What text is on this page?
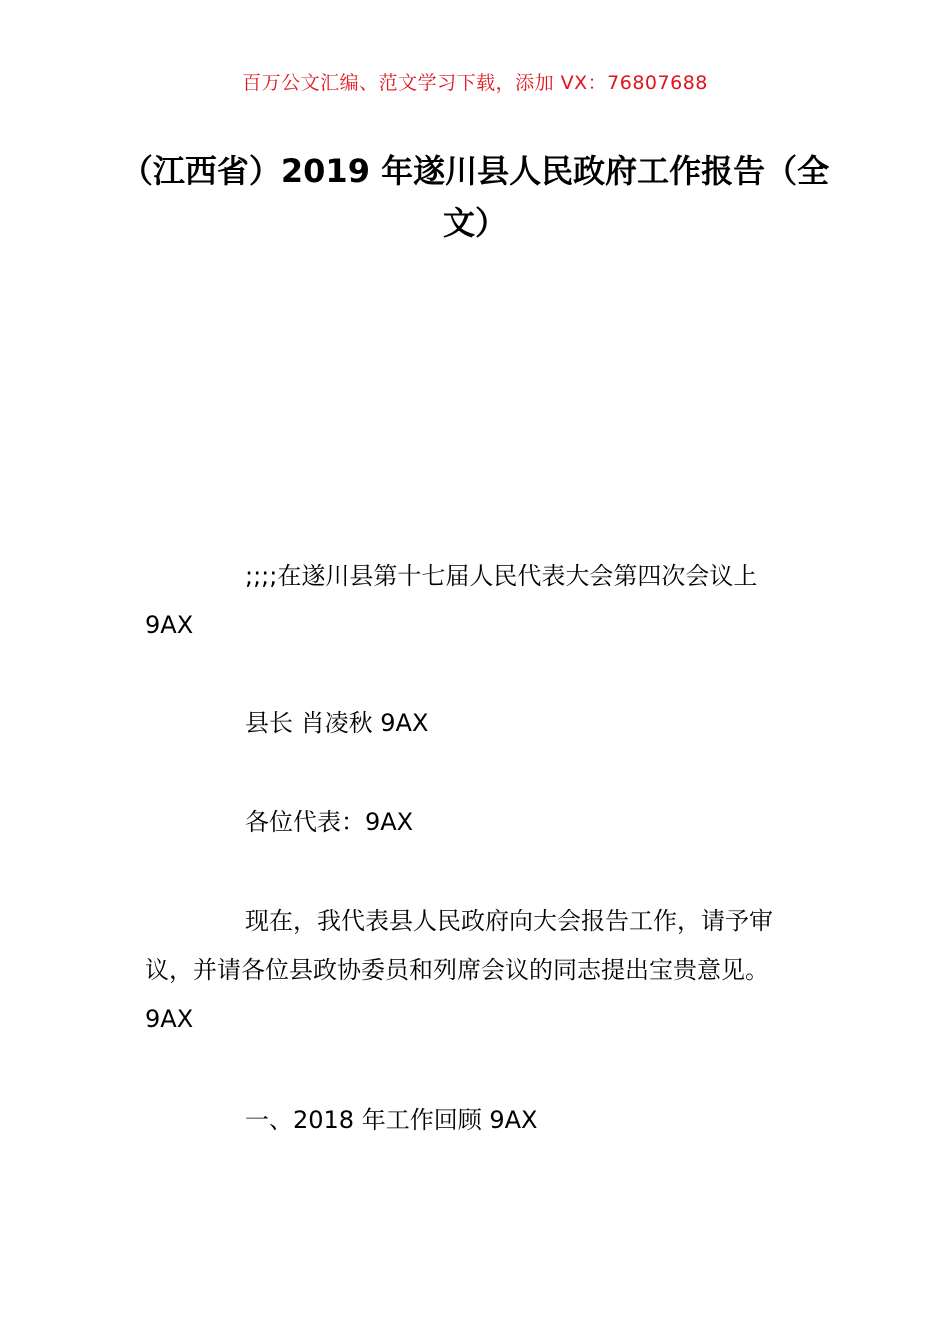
百万公文汇编、范文学习下载，添加 VX：76807688
（江西省）2019 年遂川县人民政府工作报告（全文）

;;;;在遂川县第十七届人民代表大会第四次会议上 9AX

县长 肖凌秋 9AX

各位代表：9AX

现在，我代表县人民政府向大会报告工作，请予审议，并请各位县政协委员和列席会议的同志提出宝贵意见。9AX

一、2018 年工作回顾 9AX
